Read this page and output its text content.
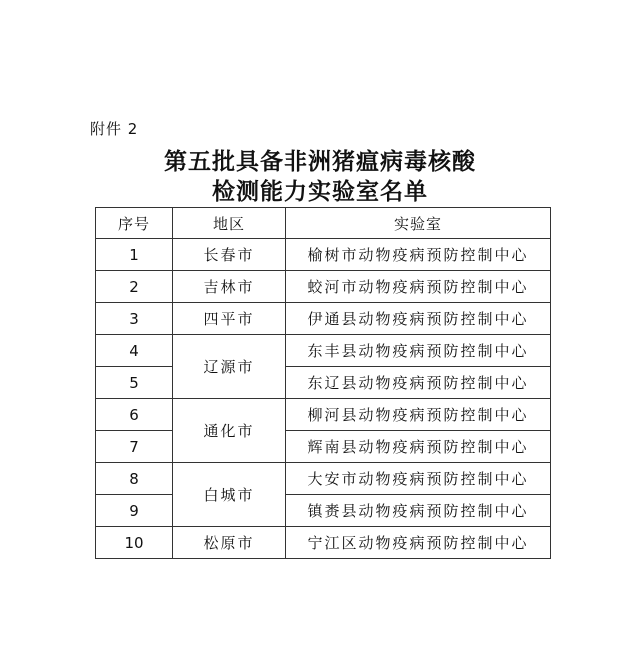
附件 2
第五批具备非洲猪瘟病毒核酸
检测能力实验室名单
序号	地区	实验室
1	长春市	榆树市动物疫病预防控制中心
2	吉林市	蛟河市动物疫病预防控制中心
3	四平市	伊通县动物疫病预防控制中心
4	辽源市	东丰县动物疫病预防控制中心
5		东辽县动物疫病预防控制中心
6	通化市	柳河县动物疫病预防控制中心
7		辉南县动物疫病预防控制中心
8	白城市	大安市动物疫病预防控制中心
9		镇赉县动物疫病预防控制中心
10	松原市	宁江区动物疫病预防控制中心
